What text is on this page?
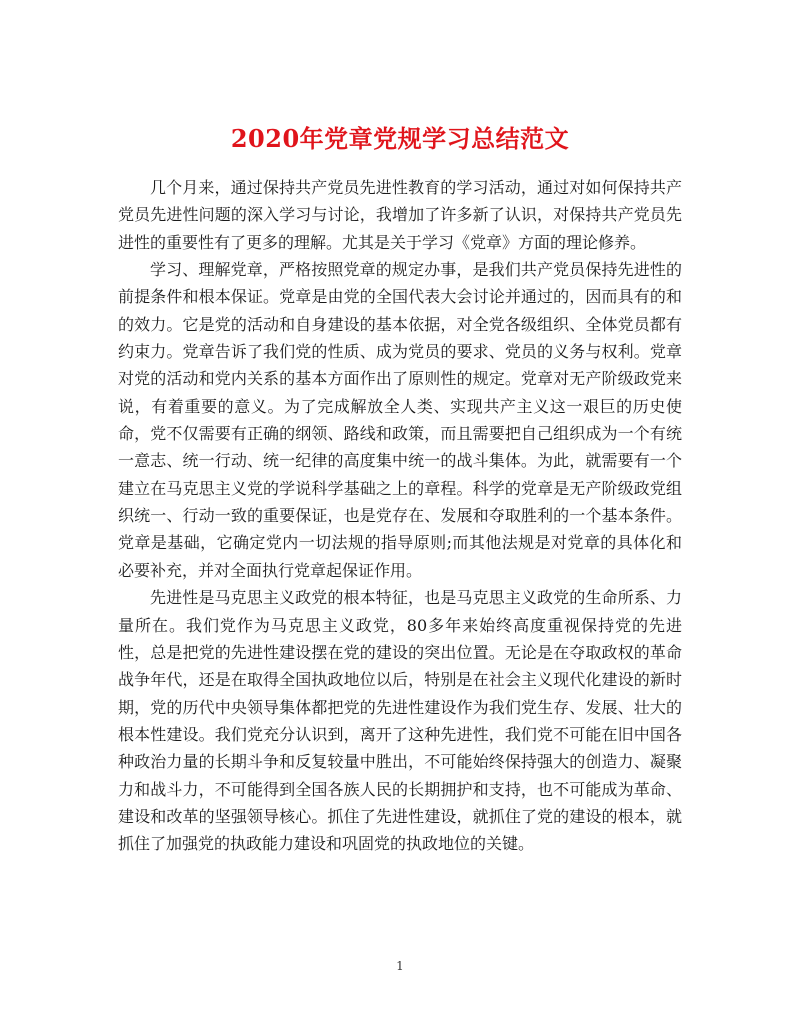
2020年党章党规学习总结范文

几个月来，通过保持共产党员先进性教育的学习活动，通过对如何保持共产党员先进性问题的深入学习与讨论，我增加了许多新了认识，对保持共产党员先进性的重要性有了更多的理解。尤其是关于学习《党章》方面的理论修养。

学习、理解党章，严格按照党章的规定办事，是我们共产党员保持先进性的前提条件和根本保证。党章是由党的全国代表大会讨论并通过的，因而具有的和的效力。它是党的活动和自身建设的基本依据，对全党各级组织、全体党员都有约束力。党章告诉了我们党的性质、成为党员的要求、党员的义务与权利。党章对党的活动和党内关系的基本方面作出了原则性的规定。党章对无产阶级政党来说，有着重要的意义。为了完成解放全人类、实现共产主义这一艰巨的历史使命，党不仅需要有正确的纲领、路线和政策，而且需要把自己组织成为一个有统一意志、统一行动、统一纪律的高度集中统一的战斗集体。为此，就需要有一个建立在马克思主义党的学说科学基础之上的章程。科学的党章是无产阶级政党组织统一、行动一致的重要保证，也是党存在、发展和夺取胜利的一个基本条件。党章是基础，它确定党内一切法规的指导原则;而其他法规是对党章的具体化和必要补充，并对全面执行党章起保证作用。

先进性是马克思主义政党的根本特征，也是马克思主义政党的生命所系、力量所在。我们党作为马克思主义政党，80多年来始终高度重视保持党的先进性，总是把党的先进性建设摆在党的建设的突出位置。无论是在夺取政权的革命战争年代，还是在取得全国执政地位以后，特别是在社会主义现代化建设的新时期，党的历代中央领导集体都把党的先进性建设作为我们党生存、发展、壮大的根本性建设。我们党充分认识到，离开了这种先进性，我们党不可能在旧中国各种政治力量的长期斗争和反复较量中胜出，不可能始终保持强大的创造力、凝聚力和战斗力，不可能得到全国各族人民的长期拥护和支持，也不可能成为革命、建设和改革的坚强领导核心。抓住了先进性建设，就抓住了党的建设的根本，就抓住了加强党的执政能力建设和巩固党的执政地位的关键。

1
